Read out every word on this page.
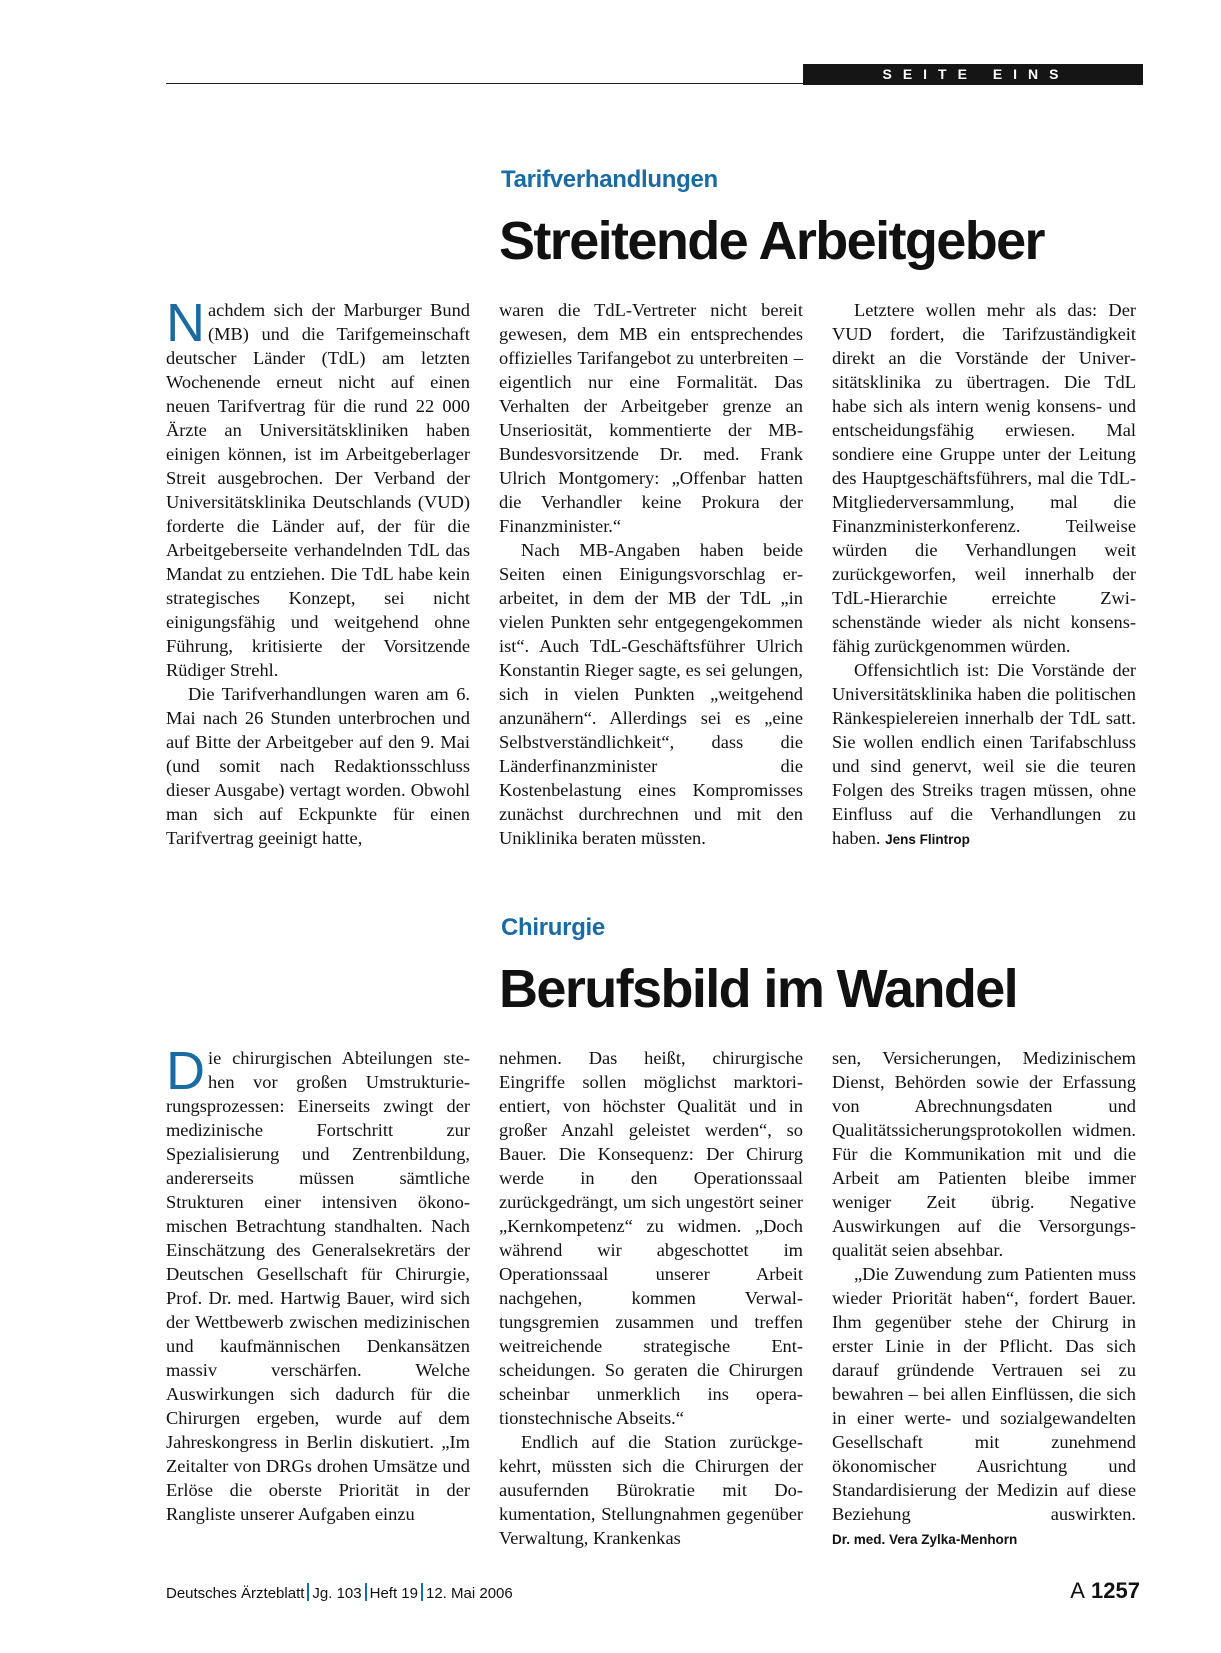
SEITE EINS
Tarifverhandlungen
Streitende Arbeitgeber

Nachdem sich der Marburger Bund (MB) und die Tarifgemeinschaft deutscher Länder (TdL) am letzten Wochenende erneut nicht auf einen neuen Tarifvertrag für die rund 22 000 Ärzte an Universitätskliniken haben einigen können, ist im Arbeitgeberlager Streit ausgebrochen. Der Verband der Universitätsklinika Deutschlands (VUD) forderte die Länder auf, der für die Arbeitgeberseite verhandelnden TdL das Mandat zu entziehen. Die TdL habe kein strategisches Konzept, sei nicht einigungsfähig und weitgehend ohne Führung, kritisierte der Vorsitzende Rüdiger Strehl.

Die Tarifverhandlungen waren am 6. Mai nach 26 Stunden unterbrochen und auf Bitte der Arbeitgeber auf den 9. Mai (und somit nach Redaktionsschluss dieser Ausgabe) vertagt worden. Obwohl man sich auf Eckpunkte für einen Tarifvertrag geeinigt hatte,

waren die TdL-Vertreter nicht bereit gewesen, dem MB ein entsprechendes offizielles Tarifangebot zu unterbreiten – eigentlich nur eine Formalität. Das Verhalten der Arbeitgeber grenze an Unseriosität, kommentierte der MB-Bundesvorsitzende Dr. med. Frank Ulrich Montgomery: „Offenbar hatten die Verhandler keine Prokura der Finanzminister.“

Nach MB-Angaben haben beide Seiten einen Einigungsvorschlag erarbeitet, in dem der MB der TdL „in vielen Punkten sehr entgegengekommen ist“. Auch TdL-Geschäftsführer Ulrich Konstantin Rieger sagte, es sei gelungen, sich in vielen Punkten „weitgehend anzunähern“. Allerdings sei es „eine Selbstverständlichkeit“, dass die Länderfinanzminister die Kostenbelastung eines Kompromisses zunächst durchrechnen und mit den Uniklinika beraten müssten.

Letztere wollen mehr als das: Der VUD fordert, die Tarifzuständigkeit direkt an die Vorstände der Universitätsklinika zu übertragen. Die TdL habe sich als intern wenig konsens- und entscheidungsfähig erwiesen. Mal sondiere eine Gruppe unter der Leitung des Hauptgeschäftsführers, mal die TdL-Mitgliederversammlung, mal die Finanzministerkonferenz. Teilweise würden die Verhandlungen weit zurückgeworfen, weil innerhalb der TdL-Hierarchie erreichte Zwischenstände wieder als nicht konsensfähig zurückgenommen würden.

Offensichtlich ist: Die Vorstände der Universitätsklinika haben die politischen Ränkespielereien innerhalb der TdL satt. Sie wollen endlich einen Tarifabschluss und sind genervt, weil sie die teuren Folgen des Streiks tragen müssen, ohne Einfluss auf die Verhandlungen zu haben. Jens Flintrop

Chirurgie
Berufsbild im Wandel

Die chirurgischen Abteilungen stehen vor großen Umstrukturierungsprozessen: Einerseits zwingt der medizinische Fortschritt zur Spezialisierung und Zentrenbildung, andererseits müssen sämtliche Strukturen einer intensiven ökonomischen Betrachtung standhalten. Nach Einschätzung des Generalsekretärs der Deutschen Gesellschaft für Chirurgie, Prof. Dr. med. Hartwig Bauer, wird sich der Wettbewerb zwischen medizinischen und kaufmännischen Denkansätzen massiv verschärfen. Welche Auswirkungen sich dadurch für die Chirurgen ergeben, wurde auf dem Jahreskongress in Berlin diskutiert. „Im Zeitalter von DRGs drohen Umsätze und Erlöse die oberste Priorität in der Rangliste unserer Aufgaben einzu

nehmen. Das heißt, chirurgische Eingriffe sollen möglichst marktorientiert, von höchster Qualität und in großer Anzahl geleistet werden“, so Bauer. Die Konsequenz: Der Chirurg werde in den Operationssaal zurückgedrängt, um sich ungestört seiner „Kernkompetenz“ zu widmen. „Doch während wir abgeschottet im Operationssaal unserer Arbeit nachgehen, kommen Verwaltungsgremien zusammen und treffen weitreichende strategische Entscheidungen. So geraten die Chirurgen scheinbar unmerklich ins operationstechnische Abseits.“

Endlich auf die Station zurückgekehrt, müssten sich die Chirurgen der ausufernden Bürokratie mit Dokumentation, Stellungnahmen gegenüber Verwaltung, Krankenkas

sen, Versicherungen, Medizinischem Dienst, Behörden sowie der Erfassung von Abrechnungsdaten und Qualitätssicherungsprotokollen widmen. Für die Kommunikation mit und die Arbeit am Patienten bleibe immer weniger Zeit übrig. Negative Auswirkungen auf die Versorgungsqualität seien absehbar.

„Die Zuwendung zum Patienten muss wieder Priorität haben“, fordert Bauer. Ihm gegenüber stehe der Chirurg in erster Linie in der Pflicht. Das sich darauf gründende Vertrauen sei zu bewahren – bei allen Einflüssen, die sich in einer werte- und sozialgewandelten Gesellschaft mit zunehmend ökonomischer Ausrichtung und Standardisierung der Medizin auf diese Beziehung auswirkten. Dr. med. Vera Zylka-Menhorn

Deutsches Ärzteblatt Jg. 103 Heft 19 12. Mai 2006	A 1257
